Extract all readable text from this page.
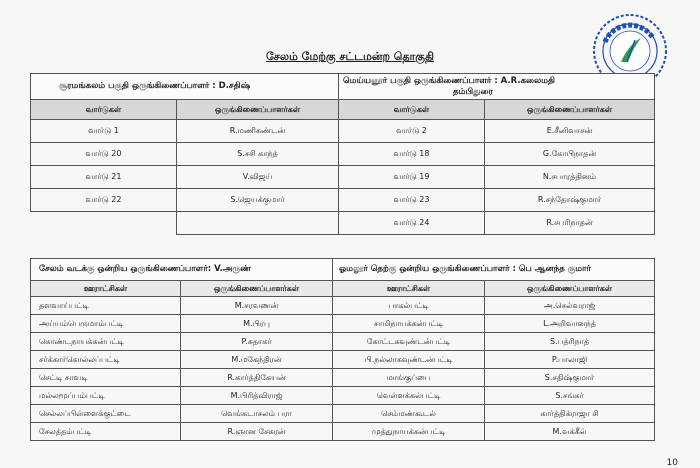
சேலம் மேற்கு சட்டமன்ற தொகுதி
சூரமங்கலம் பகுதி ஒருங்கிணைப்பாளர் : D.சதிஷ்		மெய்யனூர் பகுதி ஒருங்கிணைப்பாளர் : A.R.கலைமதி
தம்பிதுரை	
வார்டுகள்	ஒருங்கிணைப்பாளர்கள்	வார்டுகள்	ஒருங்கிணைப்பாளர்கள்
வார்டு 1	R.மணிகண்டன்	வார்டு 2	E.சீனிவாசன்
வார்டு 20	S.சசி காந்த்	வார்டு 18	G.கோபிநாதன்
வார்டு 21	V.விஜய்	வார்டு 19	N.சபாரத்தினம்
வார்டு 22	S.ஜெயக்குமார்	வார்டு 23	R.சந்தோஷ்குமார்
		வார்டு 24	R.சபரிநாதன்
சேலம் வடக்கு ஒன்றிய ஒருங்கிணைப்பாளர்: V.அருண்		ஓமலூர் தெற்கு ஒன்றிய ஒருங்கிணைப்பாளர் : பெ ஆனந்த குமார்	
ஊராட்சிகள்	ஒருங்கிணைப்பாளர்கள்	ஊராட்சிகள்	ஒருங்கிணைப்பாளர்கள்
தளவாய்பட்டி	M.சரவணன்	பாகல்பட்டி	அ.செல்வராஜ்
அய்யம்பெருமாம்பட்டி	M.பிரபு	சாமிநாயக்கன்பட்டி	L.அறிவானந்த்
கொண்டநாயக்கன்பட்டி	P.சுதாகர்	கோட்டகவுண்டன்பட்டி	S.பத்ரிநாத்
சர்க்கார்கொல்லப்பட்டி	M.மகேந்திரன்	பி.நல்லாகவுண்டன்பட்டி	P.பாலாஜி
செட்டி சாவடி	R.கார்த்திகேயன்	மாங்குப்பை	S.சதிஷ்குமார்
மல்லமூப்பம்பட்டி	M.பிரித்விராஜ்	வெள்ளக்கல்பட்டி	S.சங்கர்
செல்லப்பிள்ளைக்குட்டை	வெங்கடாசலம் பரா	செம்மண்கூடல்	கார்த்திக்ராஜா சி
சேலத்தம்பட்டி	R.ஞான சேகரன்	முத்துநாயக்கன்பட்டி	M.வக்கீல்
10
